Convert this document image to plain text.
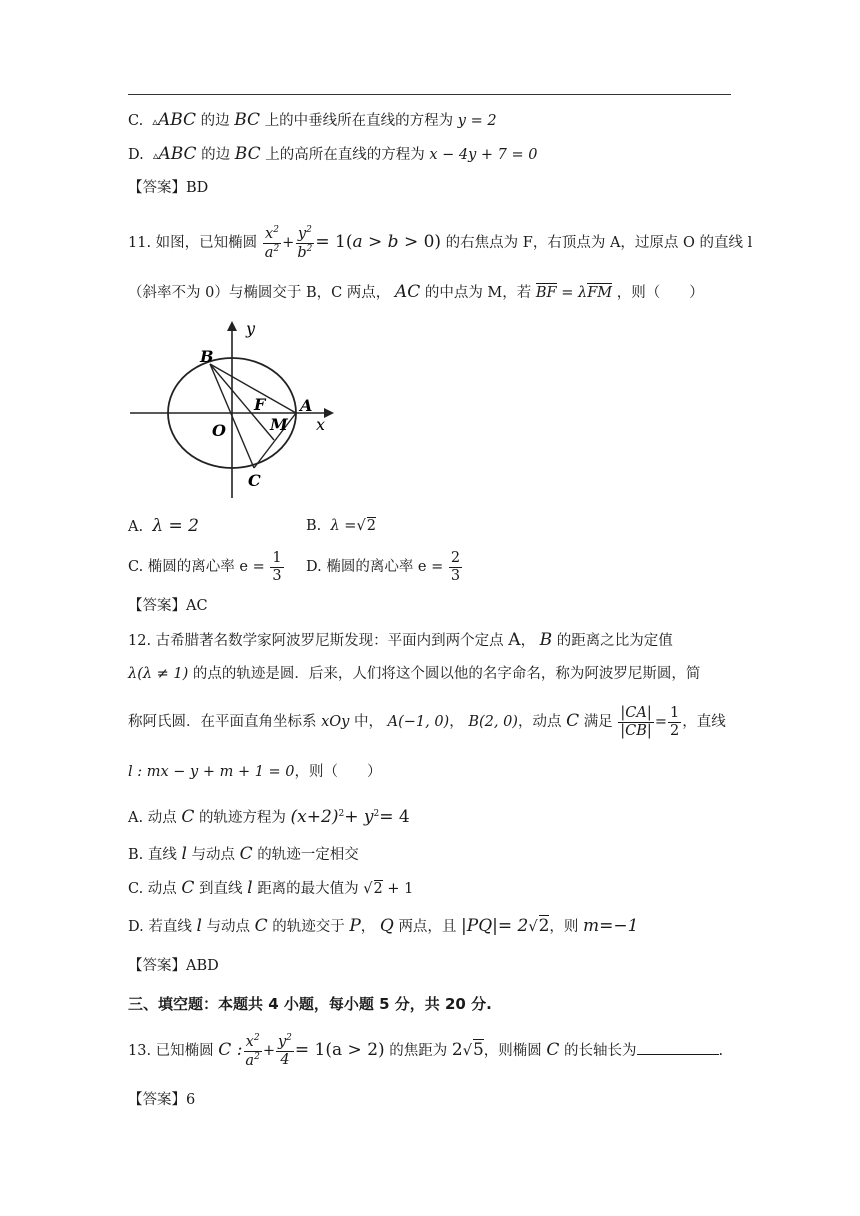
C. ▵ABC 的边 BC 上的中垂线所在直线的方程为 y = 2
D. ▵ABC 的边 BC 上的高所在直线的方程为 x − 4y + 7 = 0
【答案】BD
11. 如图，已知椭圆 $\frac{x^2}{a^2} + \frac{y^2}{b^2} = 1(a > b > 0)$ 的右焦点为 F，右顶点为 A，过原点 O 的直线 l
（斜率不为 0）与椭圆交于 B，C 两点， AC 的中点为 M，若 BF = λFM ，则（　　）
y
x
B
F A
O	M
C
A. λ = 2	B. λ =√2
C. 椭圆的离心率 $e = \frac{1}{3} D$. 椭圆的离心率 $e = \frac{2}{3}$
【答案】AC
12. 古希腊著名数学家阿波罗尼斯发现：平面内到两个定点 A， B 的距离之比为定值
λ(λ ≠ 1) 的点的轨迹是圆．后来，人们将这个圆以他的名字命名，称为阿波罗尼斯圆，简
称阿氏圆．在平面直角坐标系 xOy 中， A(−1, 0)， B(2, 0)，动点 C 满足 $\frac{|CA|}{|CB|} = \frac{1}{2}$ ，直线
l : mx − y + m + 1 = 0，则（　　）
A. 动点 C 的轨迹方程为 $(x+2)^2+ y^2= 4$
B. 直线 l 与动点 C 的轨迹一定相交
C. 动点 C 到直线 l 距离的最大值为 √2 + 1
D. 若直线 l 与动点 C 的轨迹交于 P， Q 两点，且 |PQ|= 2√2，则 m=−1
【答案】ABD
三、填空题：本题共 4 小题，每小题 5 分，共 20 分.
13. 已知椭圆 C : $\frac{x^2}{a^2} + \frac{y^2}{4} = 1(a > 2)$ 的焦距为 2√5，则椭圆 C 的长轴长为	.
【答案】6
